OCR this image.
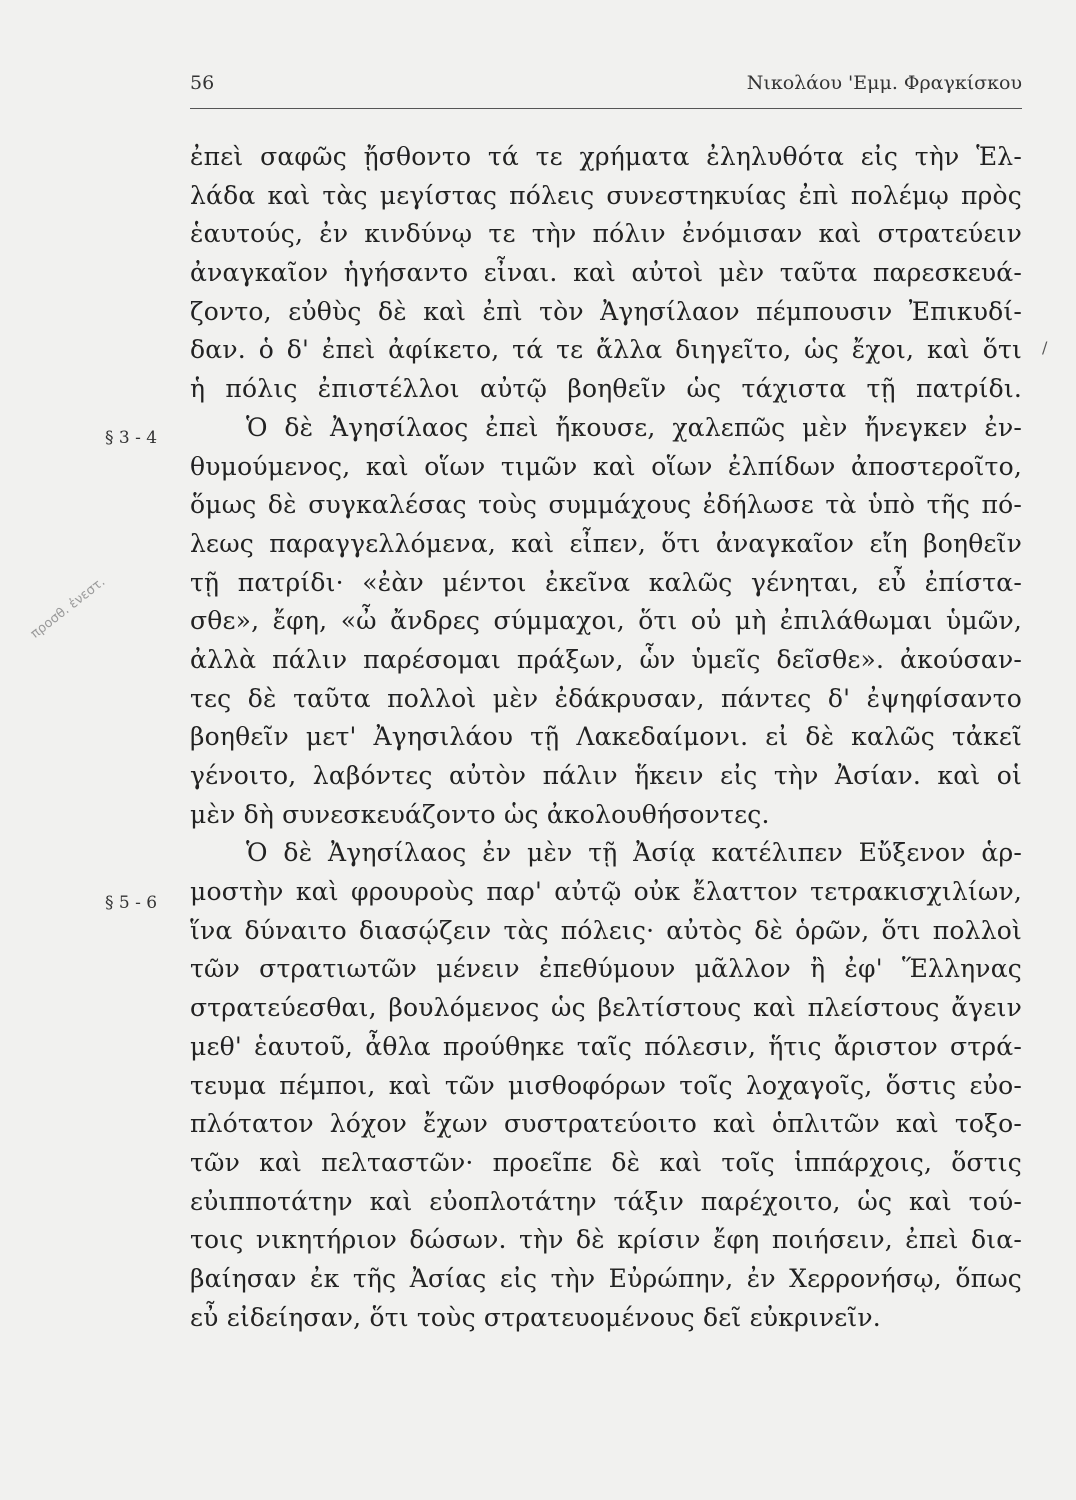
56	Νικολάου 'Εμμ. Φραγκίσκου
§ 3 - 4
§ 5 - 6
προσθ. ἐνεστ.
/
ἐπεὶ σαφῶς ᾔσθοντο τά τε χρήματα ἐληλυθότα εἰς τὴν Ἑλ-
λάδα καὶ τὰς μεγίστας πόλεις συνεστηκυίας ἐπὶ πολέμῳ πρὸς
ἑαυτούς, ἐν κινδύνῳ τε τὴν πόλιν ἐνόμισαν καὶ στρατεύειν
ἀναγκαῖον ἡγήσαντο εἶναι. καὶ αὐτοὶ μὲν ταῦτα παρεσκευά-
ζοντο, εὐθὺς δὲ καὶ ἐπὶ τὸν Ἀγησίλαον πέμπουσιν Ἐπικυδί-
δαν. ὁ δ' ἐπεὶ ἀφίκετο, τά τε ἄλλα διηγεῖτο, ὡς ἔχοι, καὶ ὅτι
ἡ πόλις ἐπιστέλλοι αὐτῷ βοηθεῖν ὡς τάχιστα τῇ πατρίδι.
Ὁ δὲ Ἀγησίλαος ἐπεὶ ἤκουσε, χαλεπῶς μὲν ἤνεγκεν ἐν-
θυμούμενος, καὶ οἵων τιμῶν καὶ οἵων ἐλπίδων ἀποστεροῖτο,
ὅμως δὲ συγκαλέσας τοὺς συμμάχους ἐδήλωσε τὰ ὑπὸ τῆς πό-
λεως παραγγελλόμενα, καὶ εἶπεν, ὅτι ἀναγκαῖον εἴη βοηθεῖν
τῇ πατρίδι· «ἐὰν μέντοι ἐκεῖνα καλῶς γένηται, εὖ ἐπίστα-
σθε», ἔφη, «ὦ ἄνδρες σύμμαχοι, ὅτι οὐ μὴ ἐπιλάθωμαι ὑμῶν,
ἀλλὰ πάλιν παρέσομαι πράξων, ὧν ὑμεῖς δεῖσθε». ἀκούσαν-
τες δὲ ταῦτα πολλοὶ μὲν ἐδάκρυσαν, πάντες δ' ἐψηφίσαντο
βοηθεῖν μετ' Ἀγησιλάου τῇ Λακεδαίμονι. εἰ δὲ καλῶς τἀκεῖ
γένοιτο, λαβόντες αὐτὸν πάλιν ἥκειν εἰς τὴν Ἀσίαν. καὶ οἱ
μὲν δὴ συνεσκευάζοντο ὡς ἀκολουθήσοντες.
Ὁ δὲ Ἀγησίλαος ἐν μὲν τῇ Ἀσίᾳ κατέλιπεν Εὔξενον ἁρ-
μοστὴν καὶ φρουροὺς παρ' αὐτῷ οὐκ ἔλαττον τετρακισχιλίων,
ἵνα δύναιτο διασῴζειν τὰς πόλεις· αὐτὸς δὲ ὁρῶν, ὅτι πολλοὶ
τῶν στρατιωτῶν μένειν ἐπεθύμουν μᾶλλον ἢ ἐφ' Ἕλληνας
στρατεύεσθαι, βουλόμενος ὡς βελτίστους καὶ πλείστους ἄγειν
μεθ' ἑαυτοῦ, ἆθλα προύθηκε ταῖς πόλεσιν, ἥτις ἄριστον στρά-
τευμα πέμποι, καὶ τῶν μισθοφόρων τοῖς λοχαγοῖς, ὅστις εὐο-
πλότατον λόχον ἔχων συστρατεύοιτο καὶ ὁπλιτῶν καὶ τοξο-
τῶν καὶ πελταστῶν· προεῖπε δὲ καὶ τοῖς ἱππάρχοις, ὅστις
εὐιπποτάτην καὶ εὐοπλοτάτην τάξιν παρέχοιτο, ὡς καὶ τού-
τοις νικητήριον δώσων. τὴν δὲ κρίσιν ἔφη ποιήσειν, ἐπεὶ δια-
βαίησαν ἐκ τῆς Ἀσίας εἰς τὴν Εὐρώπην, ἐν Χερρονήσῳ, ὅπως
εὖ εἰδείησαν, ὅτι τοὺς στρατευομένους δεῖ εὐκρινεῖν.
